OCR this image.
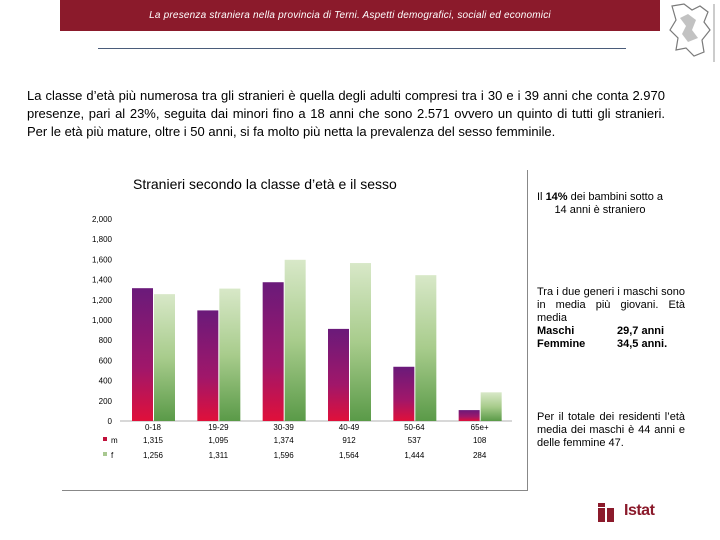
La presenza straniera nella provincia di Terni. Aspetti demografici, sociali ed economici
La classe d’età più numerosa tra gli stranieri è quella degli adulti compresi tra i 30 e i 39 anni che conta 2.970 presenze, pari al 23%, seguita dai minori fino a 18 anni che sono 2.571 ovvero un quinto di tutti gli stranieri. Per le età più mature, oltre i 50 anni, si fa molto più netta la prevalenza del sesso femminile.
Stranieri secondo la classe d’età e il sesso
0
200
400
600
800
1,000
1,200
1,400
1,600
1,800
2,000
0-18
1,315
1,256
19-29
1,095
1,311
30-39
1,374
1,596
40-49
912
1,564
50-64
537
1,444
65e+
108
284
m
f
Il 14% dei bambini sotto a 14 anni è straniero
Tra i due generi i maschi sono in media più giovani. Età media
Maschi	29,7 anni
Femmine	34,5 anni.
Per il totale dei residenti l’età media dei maschi è 44 anni e delle femmine 47.
Istat
